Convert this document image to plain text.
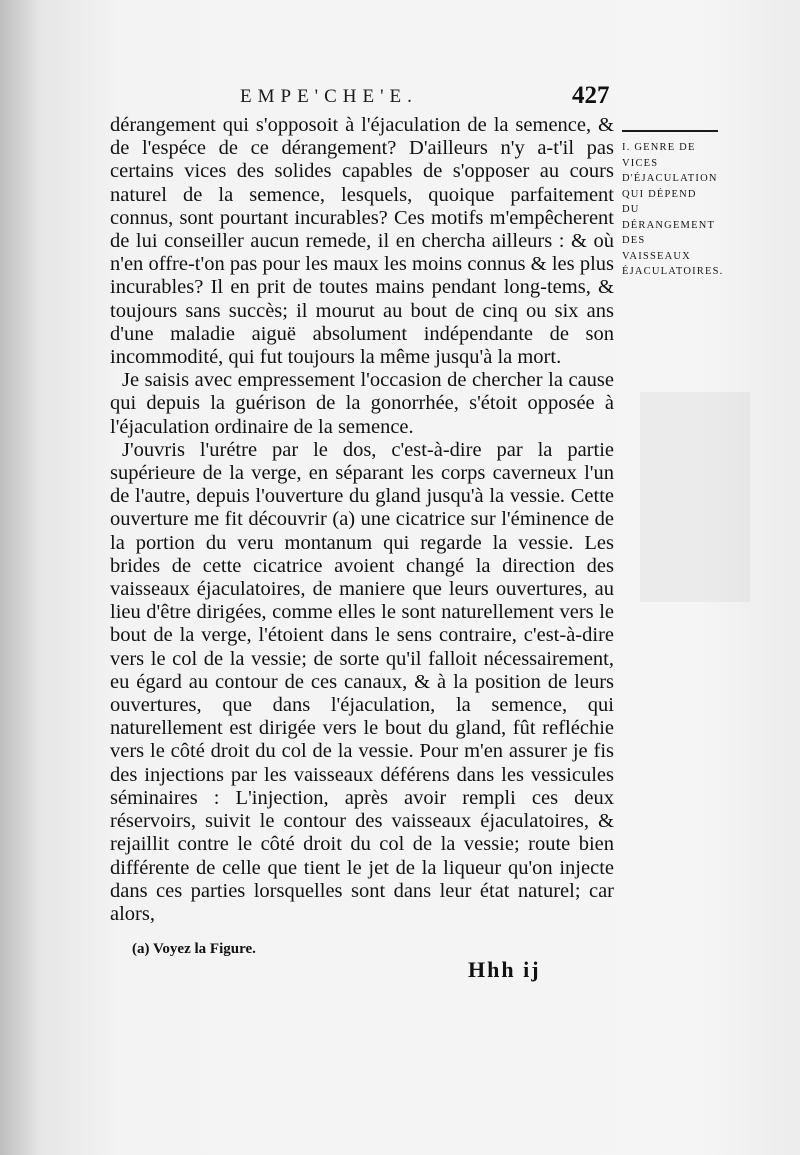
EMPE'CHE'E.	427
I. GENRE DE VICES D'ÉJACULATION QUI DÉPEND DU DÉRANGEMENT DES VAISSEAUX ÉJACULATOIRES.

dérangement qui s'opposoit à l'éjaculation de la semence, & de l'espéce de ce dérangement? D'ailleurs n'y a-t'il pas certains vices des solides capables de s'opposer au cours naturel de la semence, lesquels, quoique parfaitement connus, sont pourtant incurables? Ces motifs m'empêcherent de lui conseiller aucun remede, il en chercha ailleurs : & où n'en offre-t'on pas pour les maux les moins connus & les plus incurables? Il en prit de toutes mains pendant long-tems, & toujours sans succès; il mourut au bout de cinq ou six ans d'une maladie aiguë absolument indépendante de son incommodité, qui fut toujours la même jusqu'à la mort.

Je saisis avec empressement l'occasion de chercher la cause qui depuis la guérison de la gonorrhée, s'étoit opposée à l'éjaculation ordinaire de la semence.

J'ouvris l'urétre par le dos, c'est-à-dire par la partie supérieure de la verge, en séparant les corps caverneux l'un de l'autre, depuis l'ouverture du gland jusqu'à la vessie. Cette ouverture me fit découvrir (a) une cicatrice sur l'éminence de la portion du veru montanum qui regarde la vessie. Les brides de cette cicatrice avoient changé la direction des vaisseaux éjaculatoires, de maniere que leurs ouvertures, au lieu d'être dirigées, comme elles le sont naturellement vers le bout de la verge, l'étoient dans le sens contraire, c'est-à-dire vers le col de la vessie; de sorte qu'il falloit nécessairement, eu égard au contour de ces canaux, & à la position de leurs ouvertures, que dans l'éjaculation, la semence, qui naturellement est dirigée vers le bout du gland, fût refléchie vers le côté droit du col de la vessie. Pour m'en assurer je fis des injections par les vaisseaux déférens dans les vessicules séminaires : L'injection, après avoir rempli ces deux réservoirs, suivit le contour des vaisseaux éjaculatoires, & rejaillit contre le côté droit du col de la vessie; route bien différente de celle que tient le jet de la liqueur qu'on injecte dans ces parties lorsquelles sont dans leur état naturel; car alors,

(a) Voyez la Figure.
Hhh ij
